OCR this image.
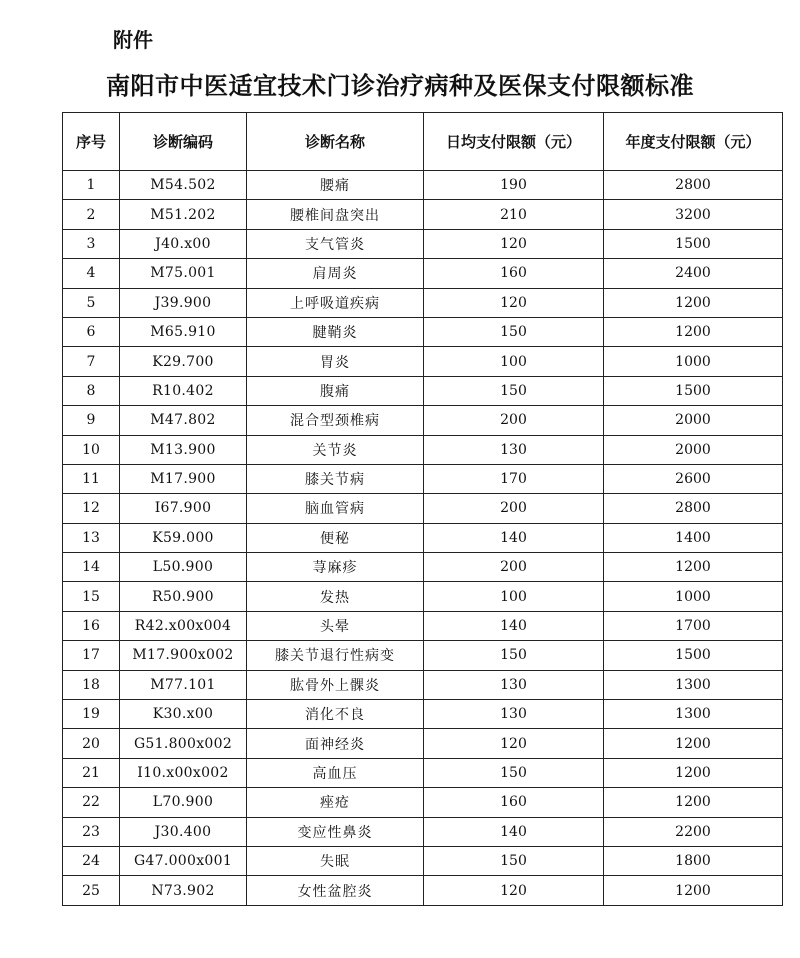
附件
南阳市中医适宜技术门诊治疗病种及医保支付限额标准
序号	诊断编码	诊断名称	日均支付限额（元）	年度支付限额（元）
1	M54.502	腰痛	190	2800
2	M51.202	腰椎间盘突出	210	3200
3	J40.x00	支气管炎	120	1500
4	M75.001	肩周炎	160	2400
5	J39.900	上呼吸道疾病	120	1200
6	M65.910	腱鞘炎	150	1200
7	K29.700	胃炎	100	1000
8	R10.402	腹痛	150	1500
9	M47.802	混合型颈椎病	200	2000
10	M13.900	关节炎	130	2000
11	M17.900	膝关节病	170	2600
12	I67.900	脑血管病	200	2800
13	K59.000	便秘	140	1400
14	L50.900	荨麻疹	200	1200
15	R50.900	发热	100	1000
16	R42.x00x004	头晕	140	1700
17	M17.900x002	膝关节退行性病变	150	1500
18	M77.101	肱骨外上髁炎	130	1300
19	K30.x00	消化不良	130	1300
20	G51.800x002	面神经炎	120	1200
21	I10.x00x002	高血压	150	1200
22	L70.900	痤疮	160	1200
23	J30.400	变应性鼻炎	140	2200
24	G47.000x001	失眠	150	1800
25	N73.902	女性盆腔炎	120	1200
